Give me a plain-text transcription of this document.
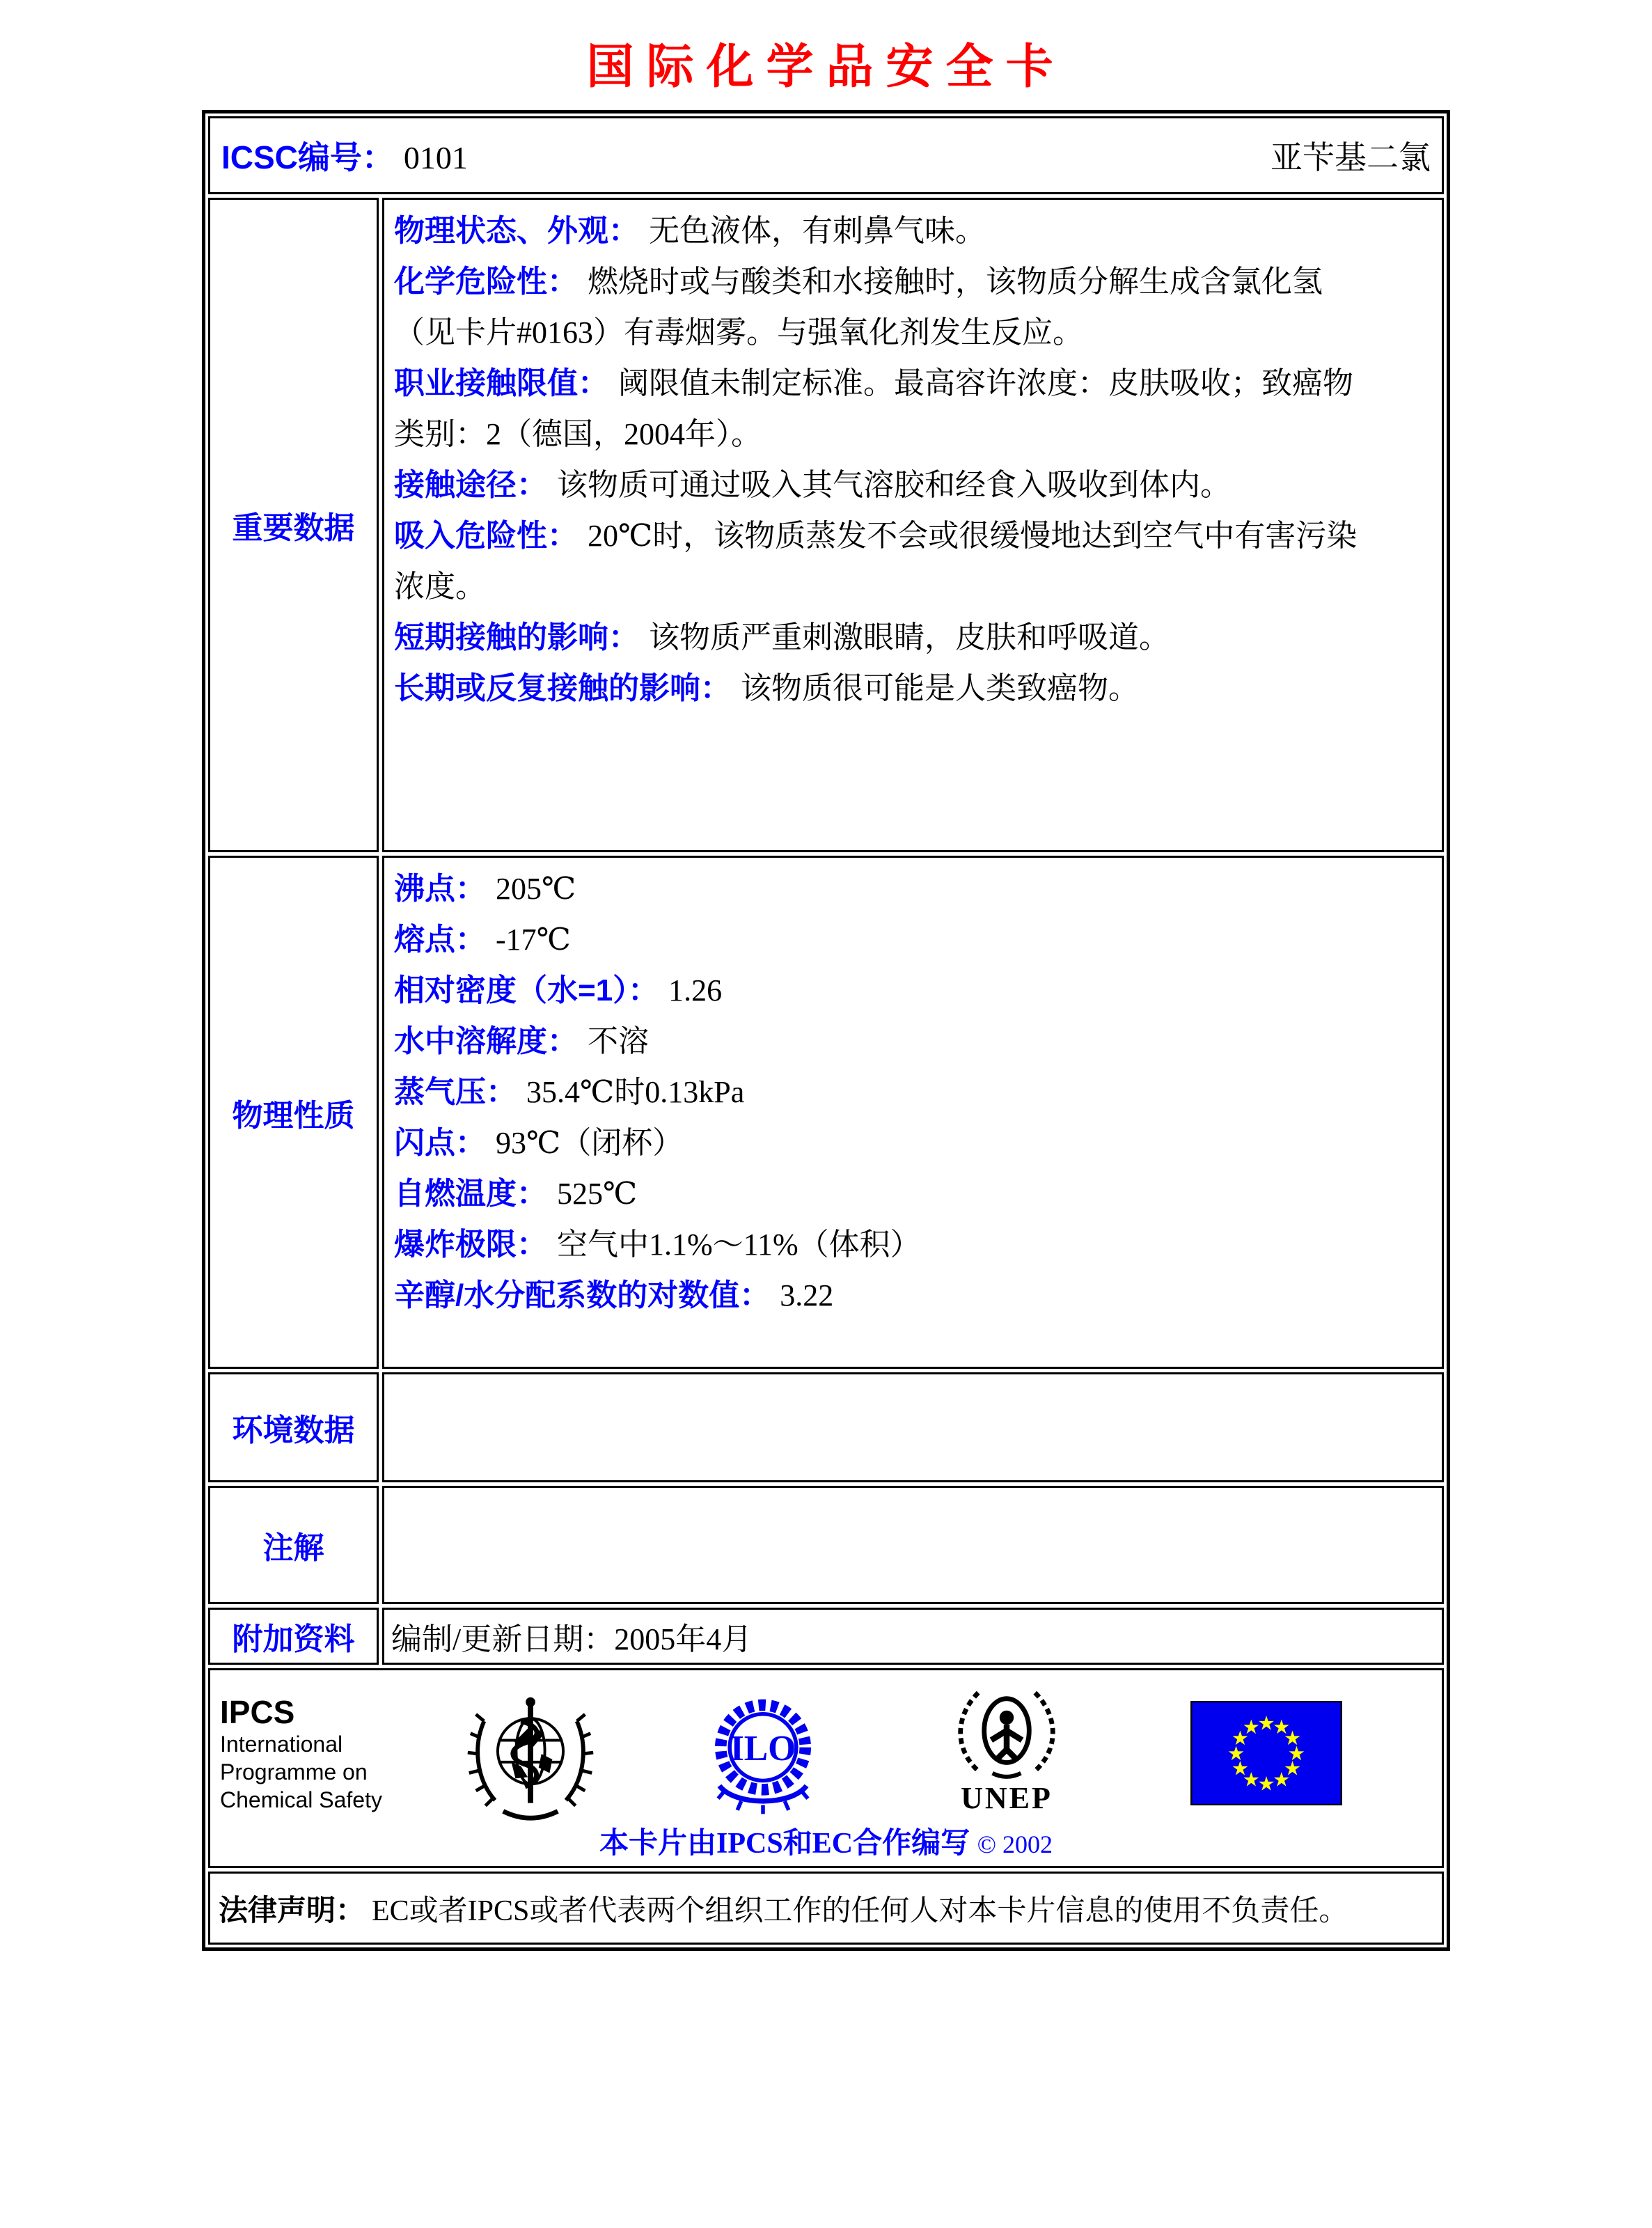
国际化学品安全卡
ICSC编号： 0101	亚苄基二氯
重要数据
物理状态、外观： 无色液体，有刺鼻气味。
化学危险性： 燃烧时或与酸类和水接触时，该物质分解生成含氯化氢
（见卡片#0163）有毒烟雾。与强氧化剂发生反应。
职业接触限值： 阈限值未制定标准。最高容许浓度：皮肤吸收；致癌物
类别：2（德国，2004年）。
接触途径： 该物质可通过吸入其气溶胶和经食入吸收到体内。
吸入危险性： 20℃时，该物质蒸发不会或很缓慢地达到空气中有害污染
浓度。
短期接触的影响： 该物质严重刺激眼睛，皮肤和呼吸道。
长期或反复接触的影响： 该物质很可能是人类致癌物。
物理性质
沸点： 205℃
熔点： -17℃
相对密度（水=1）： 1.26
水中溶解度： 不溶
蒸气压： 35.4℃时0.13kPa
闪点： 93℃（闭杯）
自燃温度： 525℃
爆炸极限： 空气中1.1%～11%（体积）
辛醇/水分配系数的对数值： 3.22
环境数据
注解
附加资料	编制/更新日期：2005年4月
IPCS
International
Programme on
Chemical Safety
ILO
UNEP
★
★
★
★
★
★
★
★
★
★
★
★
本卡片由IPCS和EC合作编写 © 2002
法律声明： EC或者IPCS或者代表两个组织工作的任何人对本卡片信息的使用不负责任。
